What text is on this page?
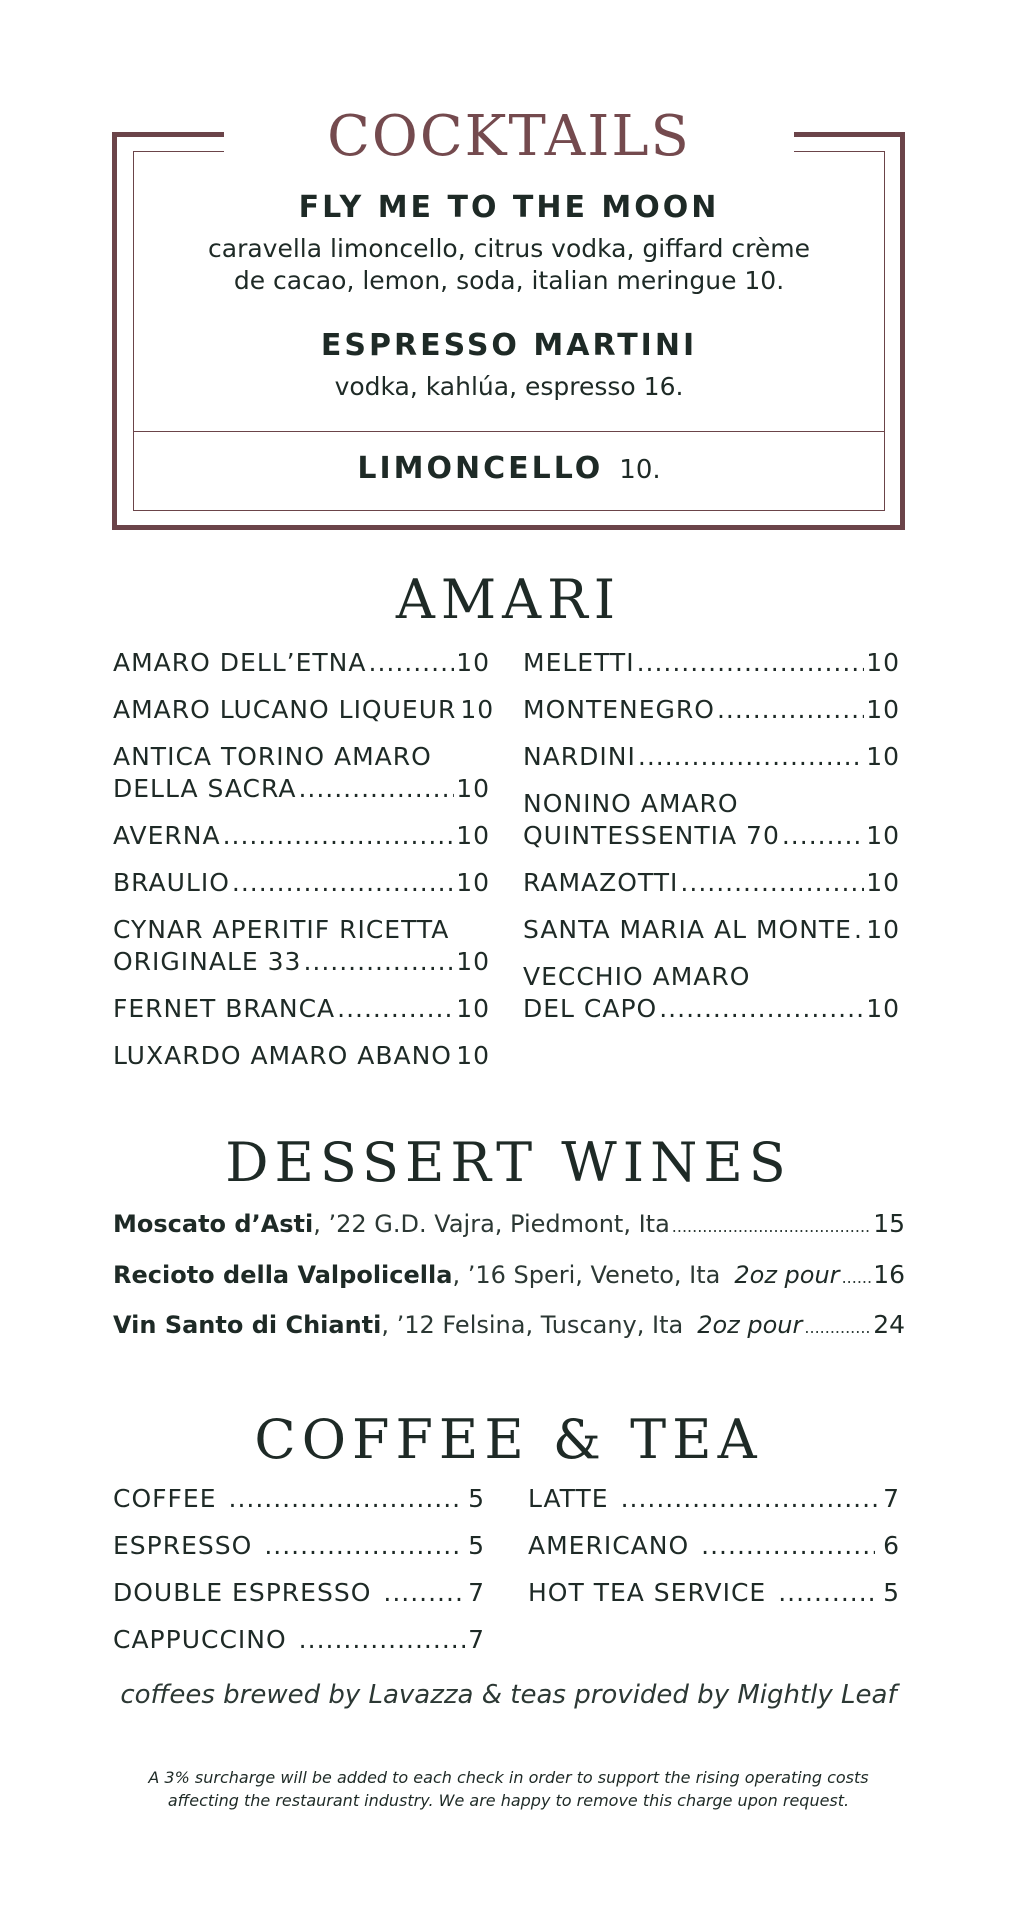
COCKTAILS
FLY ME TO THE MOON
caravella limoncello, citrus vodka, giffard crème
de cacao, lemon, soda, italian meringue 10.
ESPRESSO MARTINI
vodka, kahlúa, espresso 16.
LIMONCELLO 10.
AMARI
AMARO DELL’ETNA .....	10
AMARO LUCANO LIQUEUR 10
ANTICA TORINO AMARO
DELLA SACRA .....	10
AVERNA .....	10
BRAULIO .....	10
CYNAR APERITIF RICETTA
ORIGINALE 33 .....	10
FERNET BRANCA .....	10
LUXARDO AMARO ABANO ..... 10
MELETTI .....	10
MONTENEGRO .....	10
NARDINI .....	10
NONINO AMARO
QUINTESSENTIA 70 .....	10
RAMAZOTTI .....	10
SANTA MARIA AL MONTE ..... 10
VECCHIO AMARO
DEL CAPO .....	10
DESSERT WINES
Moscato d’Asti , ’22 G.D. Vajra, Piedmont, Ita .....	15
Recioto della Valpolicella , ’16 Speri, Veneto, Ita 2oz pour ..... 16
Vin Santo di Chianti , ’12 Felsina, Tuscany, Ita 2oz pour .....	24
COFFEE & TEA
COFFEE .....	5
ESPRESSO .....	5
DOUBLE ESPRESSO .....	7
CAPPUCCINO .....	7
LATTE .....	7
AMERICANO .....	6
HOT TEA SERVICE .....	5
coffees brewed by Lavazza & teas provided by Mightly Leaf
A 3% surcharge will be added to each check in order to support the rising operating costs
affecting the restaurant industry. We are happy to remove this charge upon request.
